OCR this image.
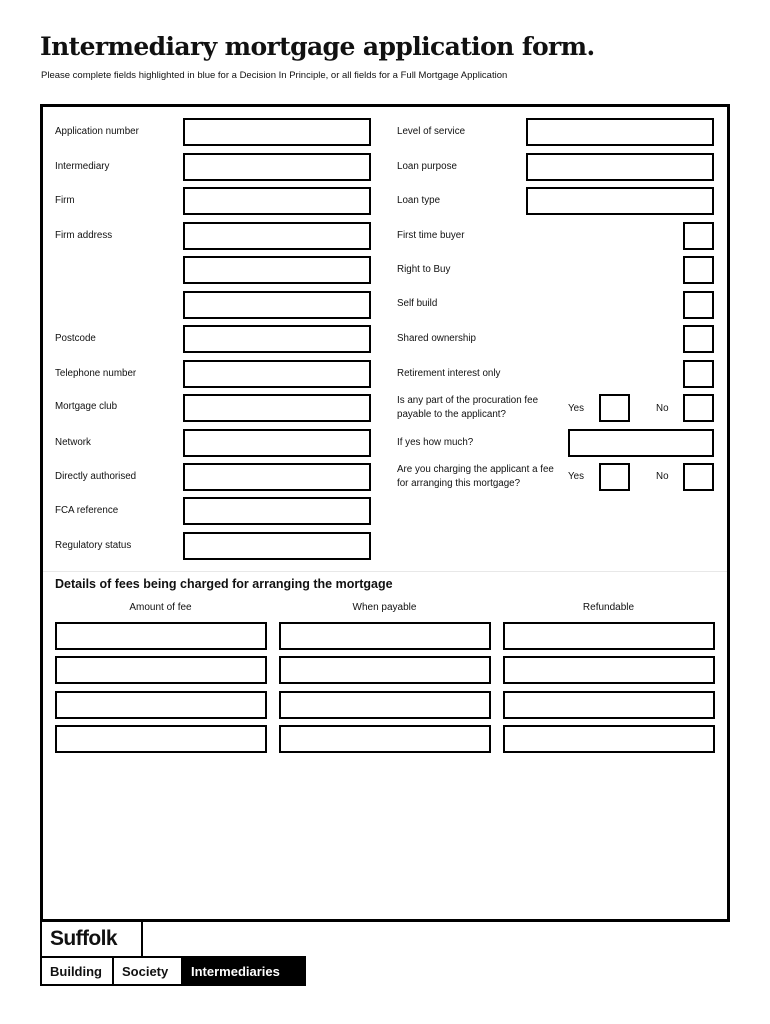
Intermediary mortgage application form.
Please complete fields highlighted in blue for a Decision In Principle, or all fields for a Full Mortgage Application
Application number
Intermediary
Firm
Firm address
Postcode
Telephone number
Mortgage club
Network
Directly authorised
FCA reference
Regulatory status
Level of service
Loan purpose
Loan type
First time buyer
Right to Buy
Self build
Shared ownership
Retirement interest only
Is any part of the procuration fee payable to the applicant?
Yes	No
If yes how much?
Are you charging the applicant a fee for arranging this mortgage?
Yes	No
Details of fees being charged for arranging the mortgage
Amount of fee	When payable	Refundable
Suffolk
Building	Society	Intermediaries
